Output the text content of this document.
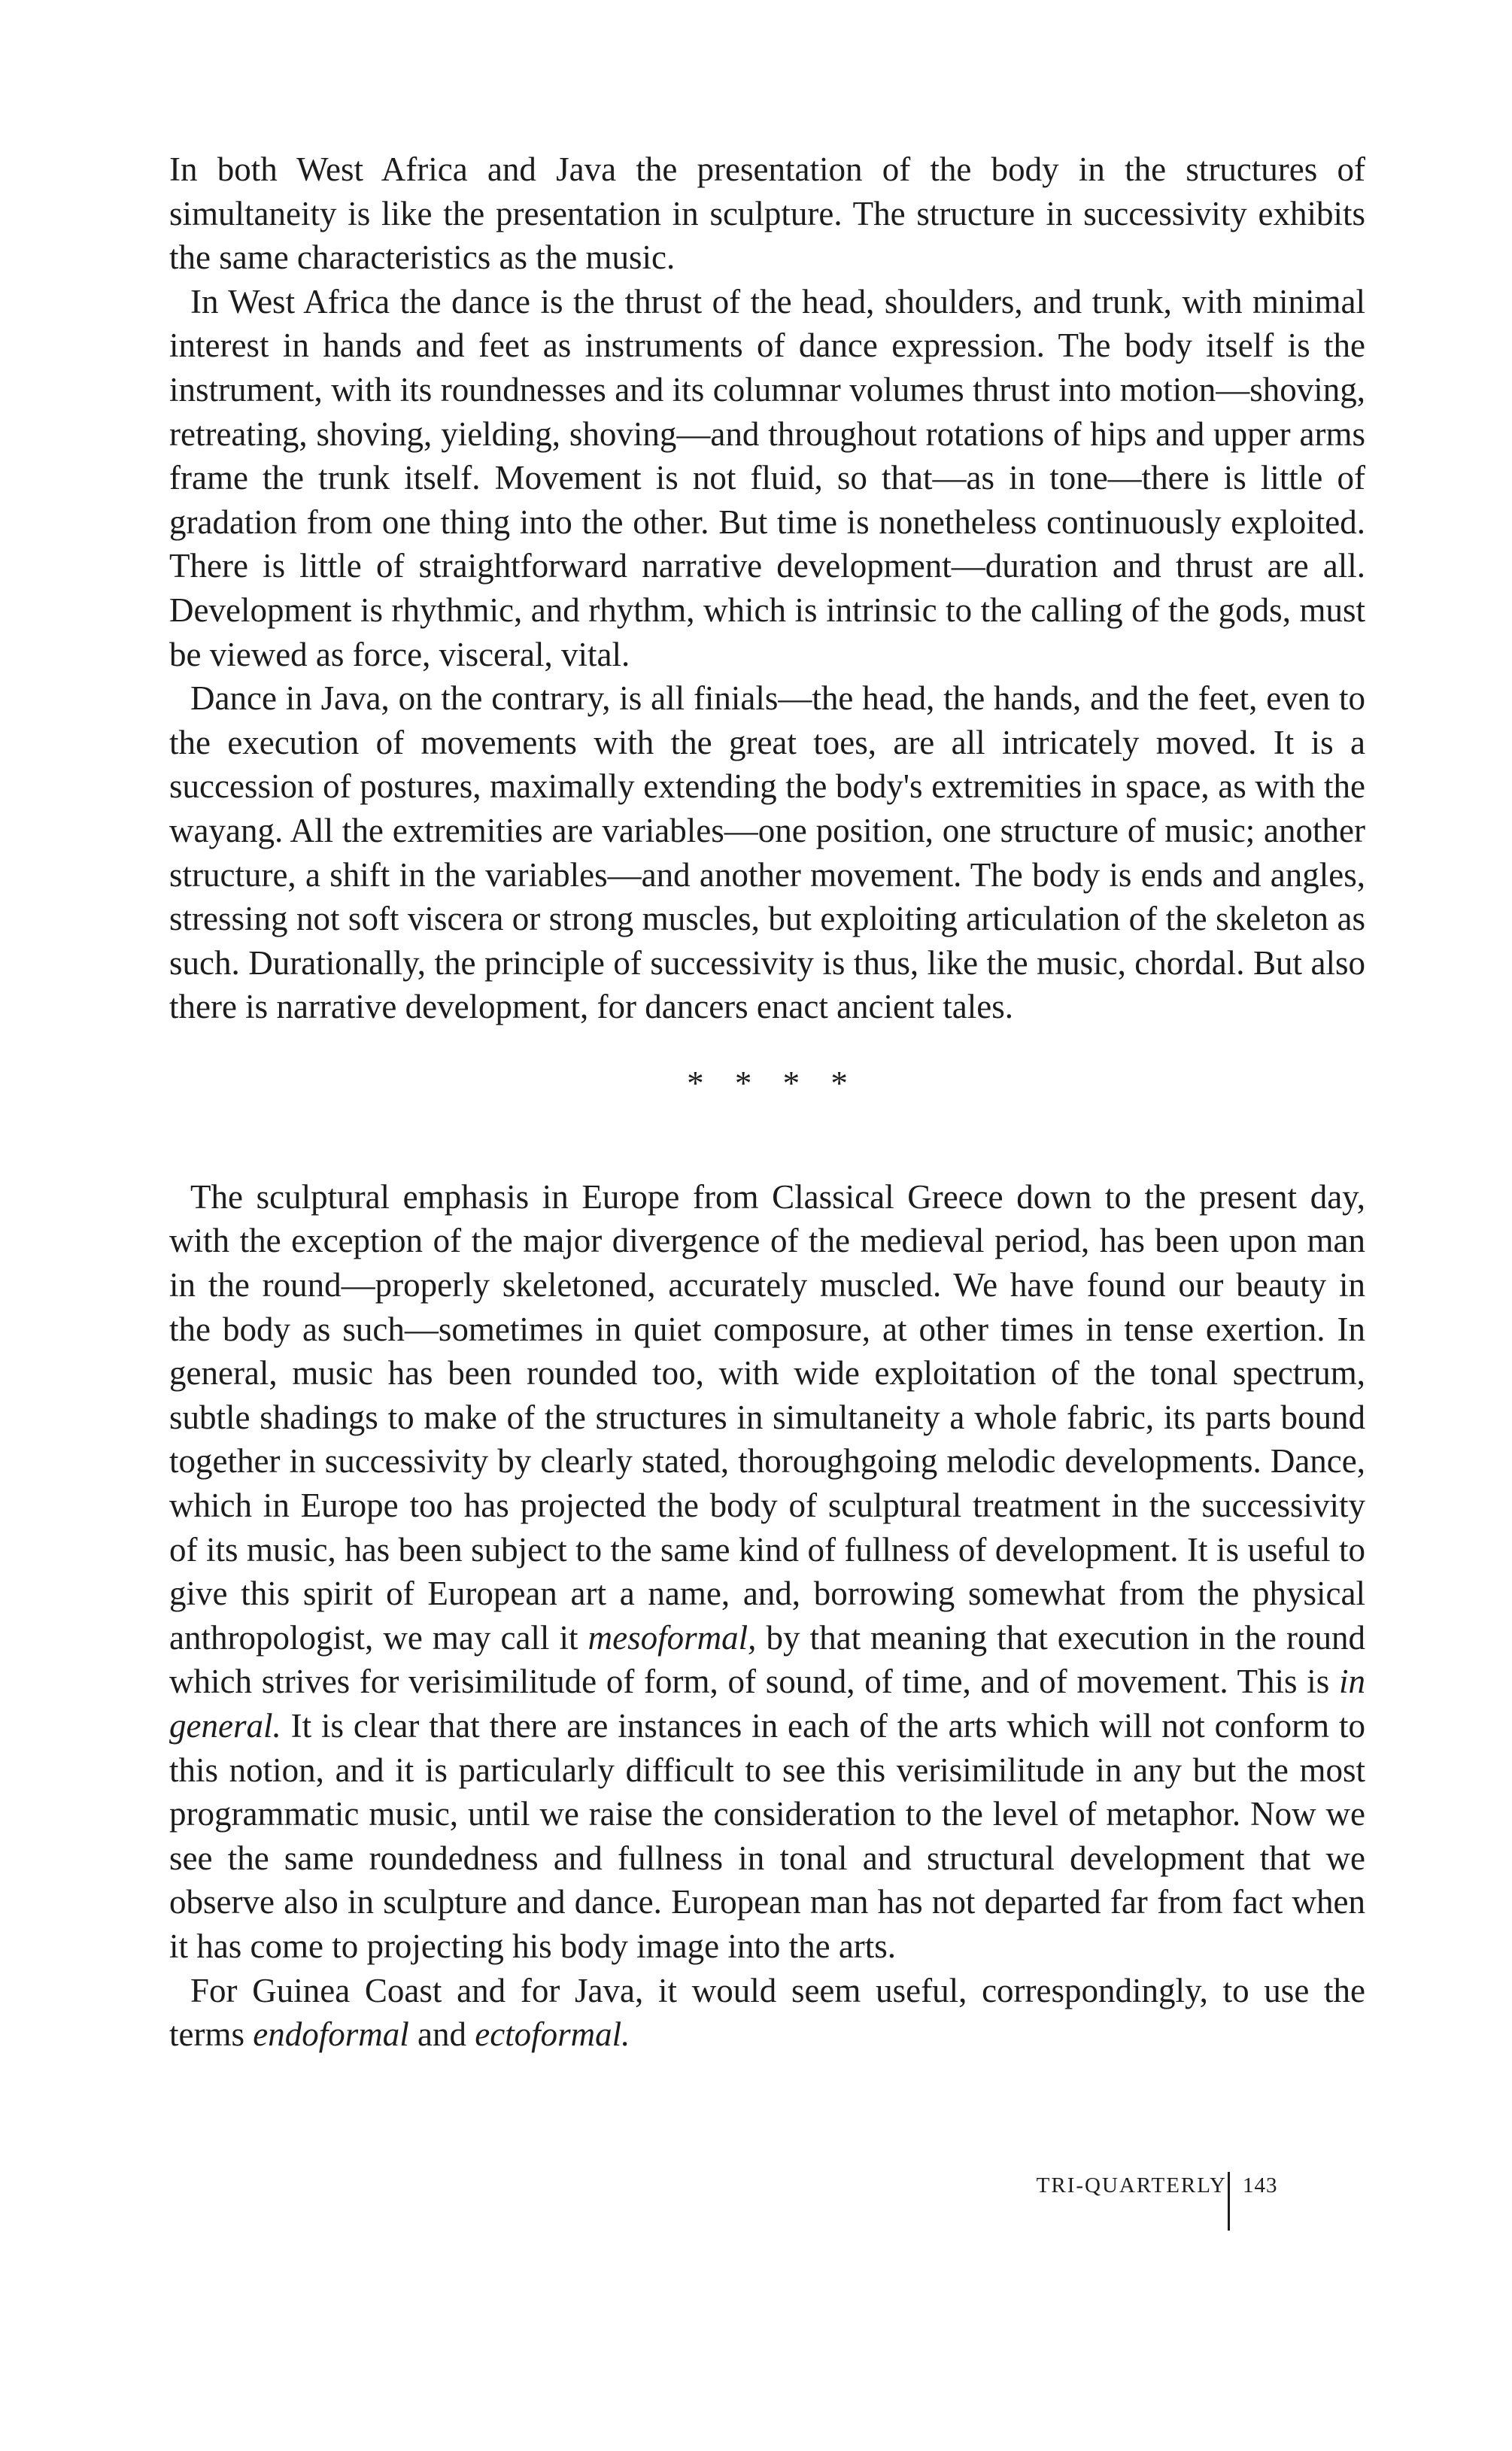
In both West Africa and Java the presentation of the body in the structures of simultaneity is like the presentation in sculpture. The structure in successivity exhibits the same characteristics as the music.

In West Africa the dance is the thrust of the head, shoulders, and trunk, with minimal interest in hands and feet as instruments of dance expression. The body itself is the instrument, with its roundnesses and its columnar volumes thrust into motion—shoving, retreating, shoving, yielding, shoving—and throughout rotations of hips and upper arms frame the trunk itself. Movement is not fluid, so that—as in tone—there is little of gradation from one thing into the other. But time is nonetheless continuously exploited. There is little of straightforward narrative development—duration and thrust are all. Development is rhythmic, and rhythm, which is intrinsic to the calling of the gods, must be viewed as force, visceral, vital.

Dance in Java, on the contrary, is all finials—the head, the hands, and the feet, even to the execution of movements with the great toes, are all intricately moved. It is a succession of postures, maximally extending the body's extremities in space, as with the wayang. All the extremities are variables—one position, one structure of music; another structure, a shift in the variables—and another movement. The body is ends and angles, stressing not soft viscera or strong muscles, but exploiting articulation of the skeleton as such. Durationally, the principle of successivity is thus, like the music, chordal. But also there is narrative development, for dancers enact ancient tales.

* * * *

The sculptural emphasis in Europe from Classical Greece down to the present day, with the exception of the major divergence of the medieval period, has been upon man in the round—properly skeletoned, accurately muscled. We have found our beauty in the body as such—sometimes in quiet composure, at other times in tense exertion. In general, music has been rounded too, with wide exploitation of the tonal spectrum, subtle shadings to make of the structures in simultaneity a whole fabric, its parts bound together in successivity by clearly stated, thoroughgoing melodic developments. Dance, which in Europe too has projected the body of sculptural treatment in the successivity of its music, has been subject to the same kind of fullness of development. It is useful to give this spirit of European art a name, and, borrowing somewhat from the physical anthropologist, we may call it mesoformal, by that meaning that execution in the round which strives for verisimilitude of form, of sound, of time, and of movement. This is in general. It is clear that there are instances in each of the arts which will not conform to this notion, and it is particularly difficult to see this verisimilitude in any but the most programmatic music, until we raise the consideration to the level of metaphor. Now we see the same roundedness and fullness in tonal and structural development that we observe also in sculpture and dance. European man has not departed far from fact when it has come to projecting his body image into the arts.

For Guinea Coast and for Java, it would seem useful, correspondingly, to use the terms endoformal and ectoformal.

TRI-QUARTERLY 143
